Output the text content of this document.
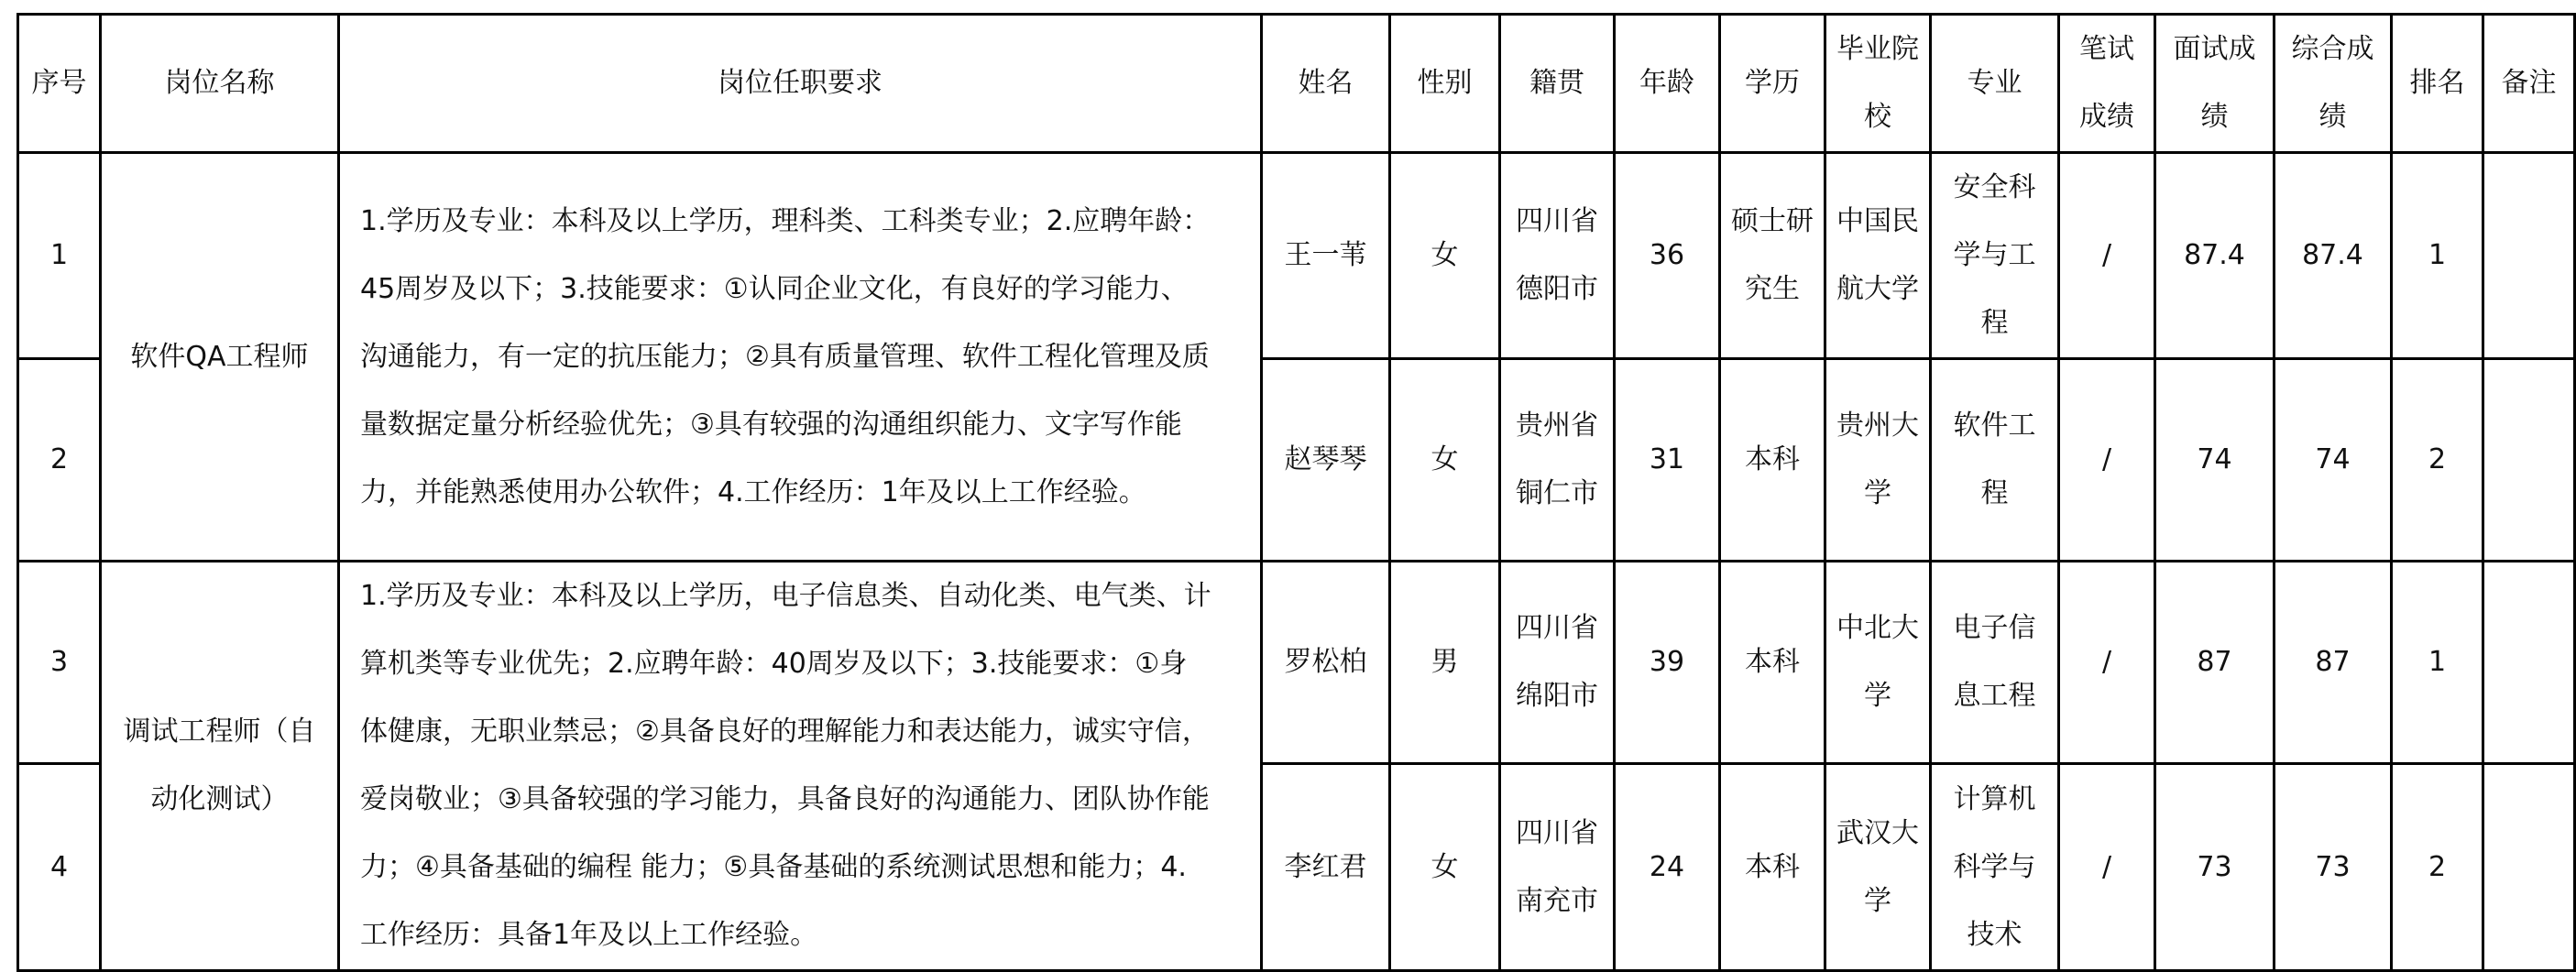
序号	岗位名称	岗位任职要求	姓名	性别	籍贯	年龄	学历	毕业院校	专业	笔试成绩	面试成绩	综合成绩	排名	备注
1	软件QA工程师	1.学历及专业：本科及以上学历，理科类、工科类专业；2.应聘年龄：45周岁及以下；3.技能要求：①认同企业文化，有良好的学习能力、沟通能力，有一定的抗压能力；②具有质量管理、软件工程化管理及质量数据定量分析经验优先；③具有较强的沟通组织能力、文字写作能力，并能熟悉使用办公软件；4.工作经历：1年及以上工作经验。	王一苇	女	四川省德阳市	36	硕士研究生	中国民航大学	安全科学与工程	/	87.4	87.4	1	
2			赵琴琴	女	贵州省铜仁市	31	本科	贵州大学	软件工程	/	74	74	2	
3	调试工程师（自动化测试）	1.学历及专业：本科及以上学历，电子信息类、自动化类、电气类、计算机类等专业优先；2.应聘年龄：40周岁及以下；3.技能要求：①身体健康，无职业禁忌；②具备良好的理解能力和表达能力，诚实守信，爱岗敬业；③具备较强的学习能力，具备良好的沟通能力、团队协作能力；④具备基础的编程 能力；⑤具备基础的系统测试思想和能力；4.工作经历：具备1年及以上工作经验。	罗松柏	男	四川省绵阳市	39	本科	中北大学	电子信息工程	/	87	87	1	
4			李红君	女	四川省南充市	24	本科	武汉大学	计算机科学与技术	/	73	73	2	
